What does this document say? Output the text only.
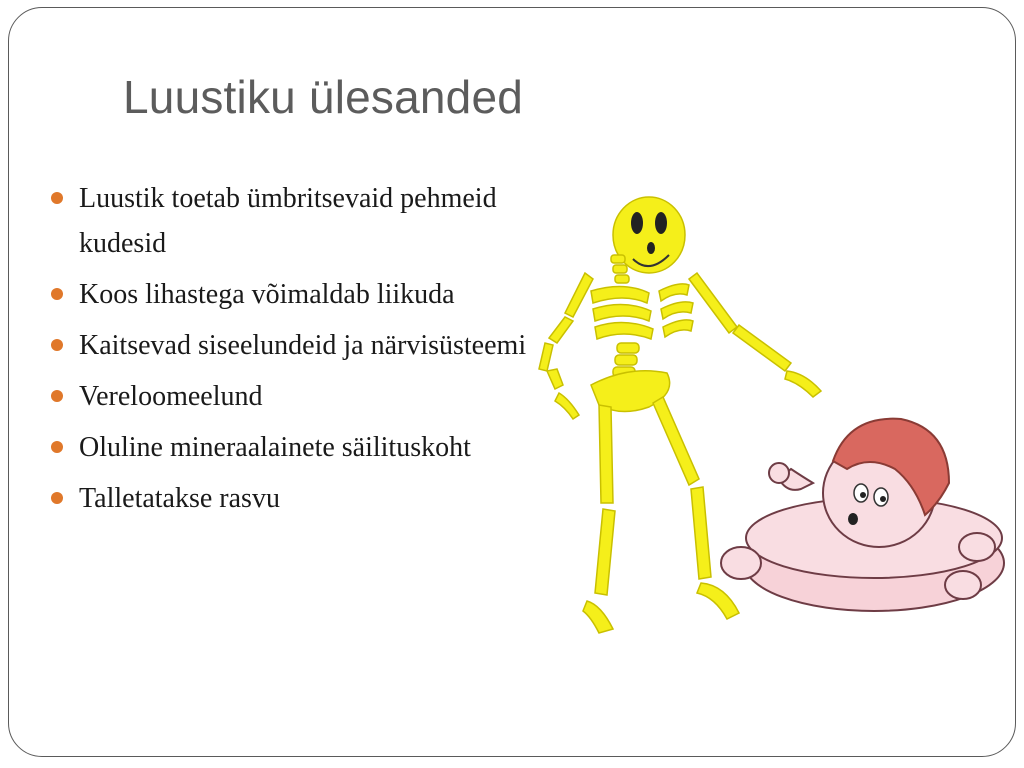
Luustiku ülesanded
Luustik toetab ümbritsevaid pehmeid kudesid
Koos lihastega võimaldab liikuda
Kaitsevad siseelundeid ja närvisüsteemi
Vereloomeelund
Oluline mineraalainete säilituskoht
Talletatakse rasvu
